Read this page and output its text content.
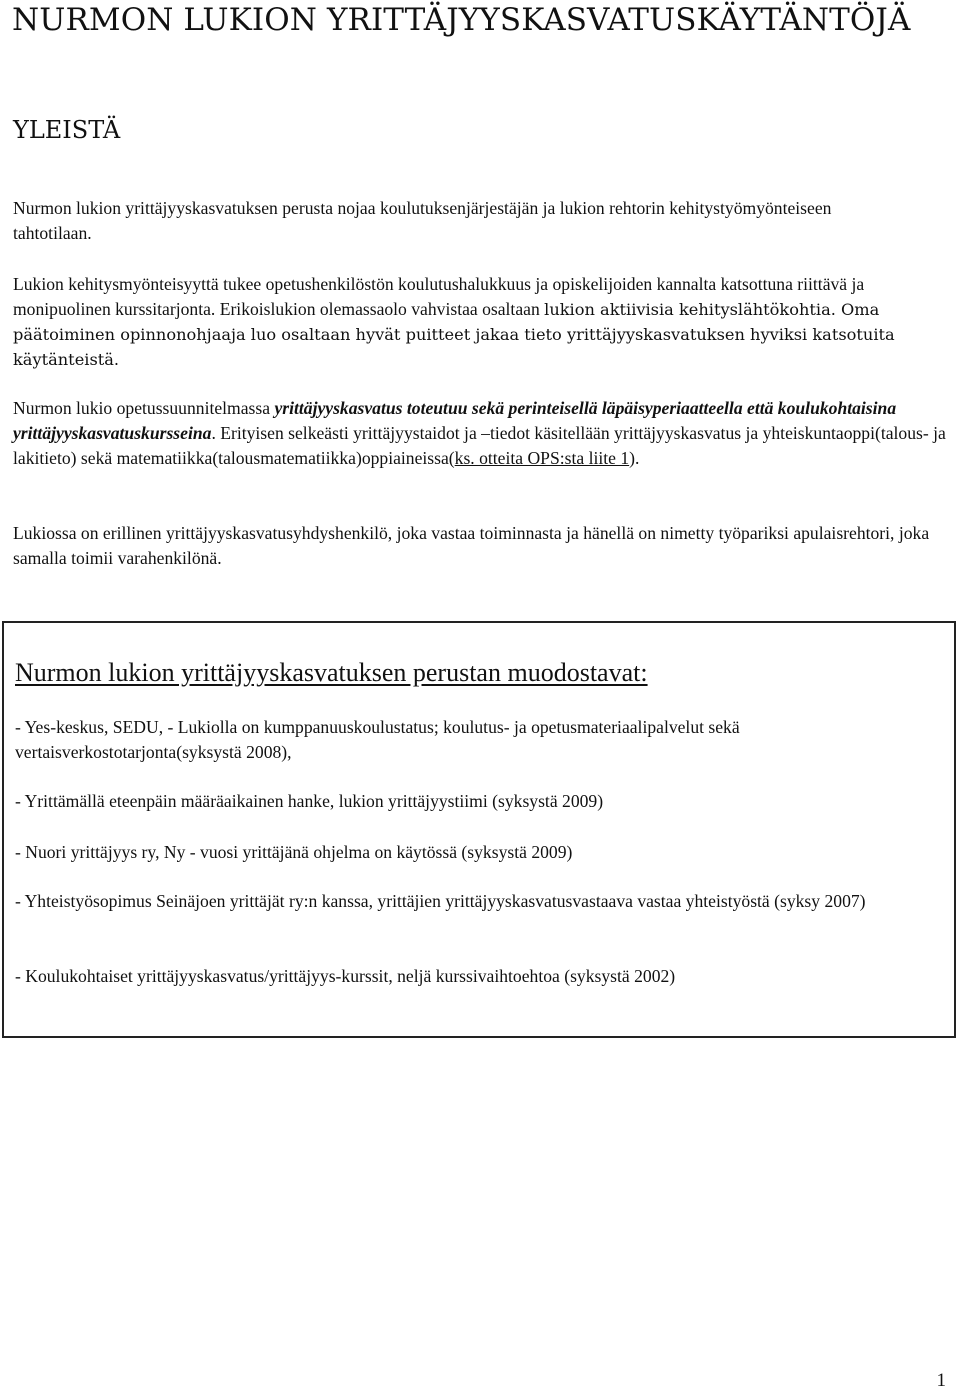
NURMON LUKION YRITTÄJYYSKASVATUSKÄYTÄNTÖJÄ
YLEISTÄ

Nurmon lukion yrittäjyyskasvatuksen perusta nojaa koulutuksenjärjestäjän ja lukion rehtorin kehitystyömyönteiseen tahtotilaan.

Lukion kehitysmyönteisyyttä tukee opetushenkilöstön koulutushalukkuus ja opiskelijoiden kannalta katsottuna riittävä ja monipuolinen kurssitarjonta. Erikoislukion olemassaolo vahvistaa osaltaan lukion aktiivisia kehityslähtökohtia. Oma päätoiminen opinnonohjaaja luo osaltaan hyvät puitteet jakaa tieto yrittäjyyskasvatuksen hyviksi katsotuita käytänteistä.

Nurmon lukio opetussuunnitelmassa yrittäjyyskasvatus toteutuu sekä perinteisellä läpäisyperiaatteella että koulukohtaisina yrittäjyyskasvatuskursseina. Erityisen selkeästi yrittäjyystaidot ja –tiedot käsitellään yrittäjyyskasvatus ja yhteiskuntaoppi(talous- ja lakitieto) sekä matematiikka(talousmatematiikka)oppiaineissa(ks. otteita OPS:sta liite 1).

Lukiossa on erillinen yrittäjyyskasvatusyhdyshenkilö, joka vastaa toiminnasta ja hänellä on nimetty työpariksi apulaisrehtori, joka samalla toimii varahenkilönä.

Nurmon lukion yrittäjyyskasvatuksen perustan muodostavat:

- Yes-keskus, SEDU, - Lukiolla on kumppanuuskoulustatus; koulutus- ja opetusmateriaalipalvelut sekä vertaisverkostotarjonta(syksystä 2008),

- Yrittämällä eteenpäin määräaikainen hanke, lukion yrittäjyystiimi (syksystä 2009)

- Nuori yrittäjyys ry, Ny - vuosi yrittäjänä ohjelma on käytössä (syksystä 2009)

- Yhteistyösopimus Seinäjoen yrittäjät ry:n kanssa, yrittäjien yrittäjyyskasvatusvastaava vastaa yhteistyöstä (syksy 2007)

- Koulukohtaiset yrittäjyyskasvatus/yrittäjyys-kurssit, neljä kurssivaihtoehtoa (syksystä 2002)

1
